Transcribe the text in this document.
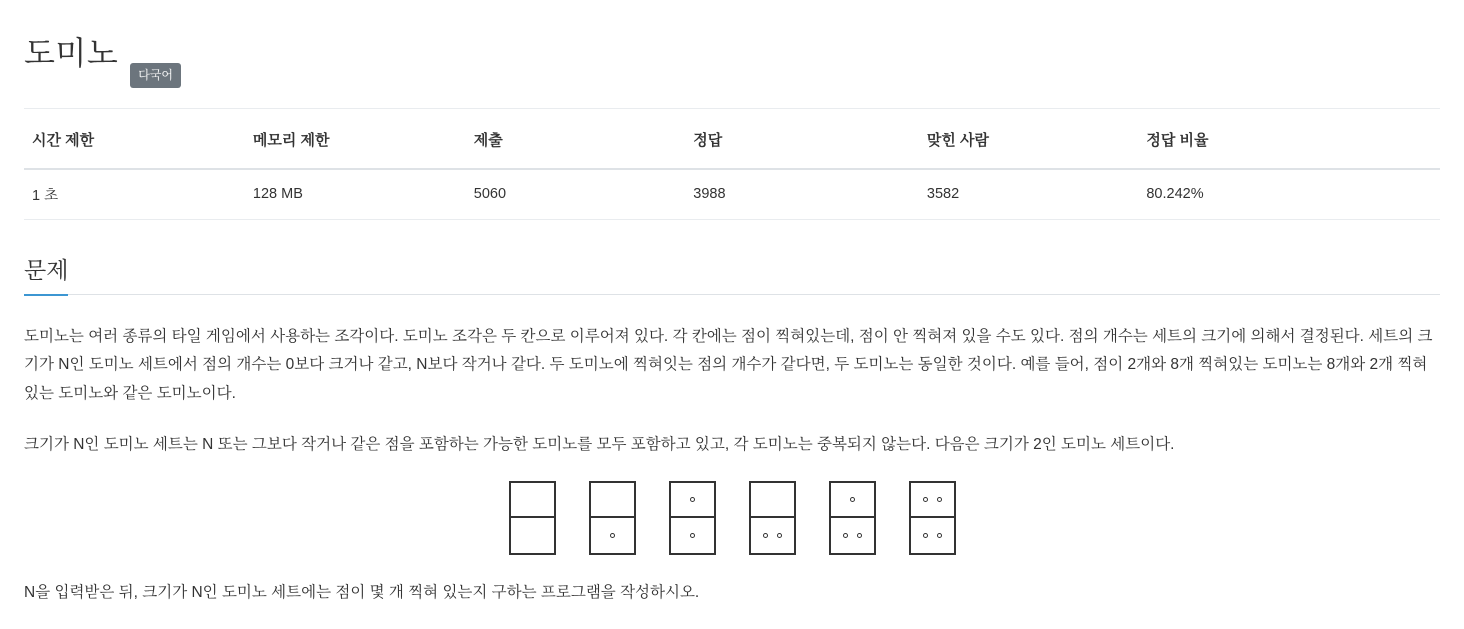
도미노
다국어
시간 제한	메모리 제한	제출	정답	맞힌 사람	정답 비율
1 초	128 MB	5060	3988	3582	80.242%
문제

도미노는 여러 종류의 타일 게임에서 사용하는 조각이다. 도미노 조각은 두 칸으로 이루어져 있다. 각 칸에는 점이 찍혀있는데, 점이 안 찍혀져 있을 수도 있다. 점의 개수는 세트의 크기에 의해서 결정된다. 세트의 크기가 N인 도미노 세트에서 점의 개수는 0보다 크거나 같고, N보다 작거나 같다. 두 도미노에 찍혀잇는 점의 개수가 같다면, 두 도미노는 동일한 것이다. 예를 들어, 점이 2개와 8개 찍혀있는 도미노는 8개와 2개 찍혀있는 도미노와 같은 도미노이다.

크기가 N인 도미노 세트는 N 또는 그보다 작거나 같은 점을 포함하는 가능한 도미노를 모두 포함하고 있고, 각 도미노는 중복되지 않는다. 다음은 크기가 2인 도미노 세트이다.

N을 입력받은 뒤, 크기가 N인 도미노 세트에는 점이 몇 개 찍혀 있는지 구하는 프로그램을 작성하시오.
